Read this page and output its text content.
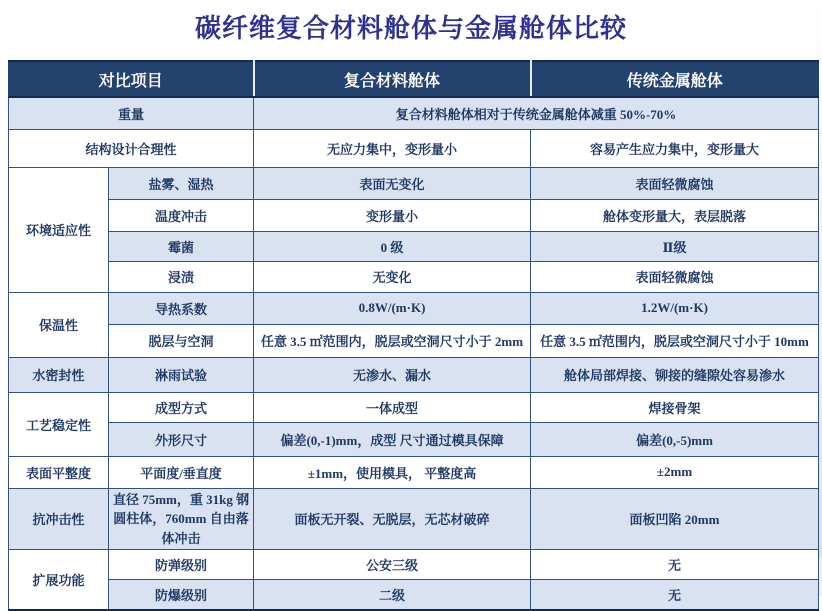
碳纤维复合材料舱体与金属舱体比较
对比项目		复合材料舱体	传统金属舱体
重量		复合材料舱体相对于传统金属舱体减重 50%-70%	
结构设计合理性		无应力集中，变形量小	容易产生应力集中，变形量大
环境适应性	盐雾、湿热	表面无变化	表面轻微腐蚀
	温度冲击	变形量小	舱体变形量大，表层脱落
	霉菌	0 级	Ⅱ级
	浸渍	无变化	表面轻微腐蚀
保温性	导热系数	0.8W/(m·K)	1.2W/(m·K)
	脱层与空洞	任意 3.5 ㎡范围内，脱层或空洞尺寸小于 2mm	任意 3.5 ㎡范围内，脱层或空洞尺寸小于 10mm
水密封性	淋雨试验	无渗水、漏水	舱体局部焊接、铆接的缝隙处容易渗水
工艺稳定性	成型方式	一体成型	焊接骨架
	外形尺寸	偏差(0,-1)mm，成型 尺寸通过模具保障	偏差(0,-5)mm
表面平整度	平面度/垂直度	±1mm，使用模具， 平整度高	±2mm
抗冲击性	直径 75mm，重 31kg 钢圆柱体，760mm 自由落体冲击	面板无开裂、无脱层，无芯材破碎	面板凹陷 20mm
扩展功能	防弹级别	公安三级	无
	防爆级别	二级	无
